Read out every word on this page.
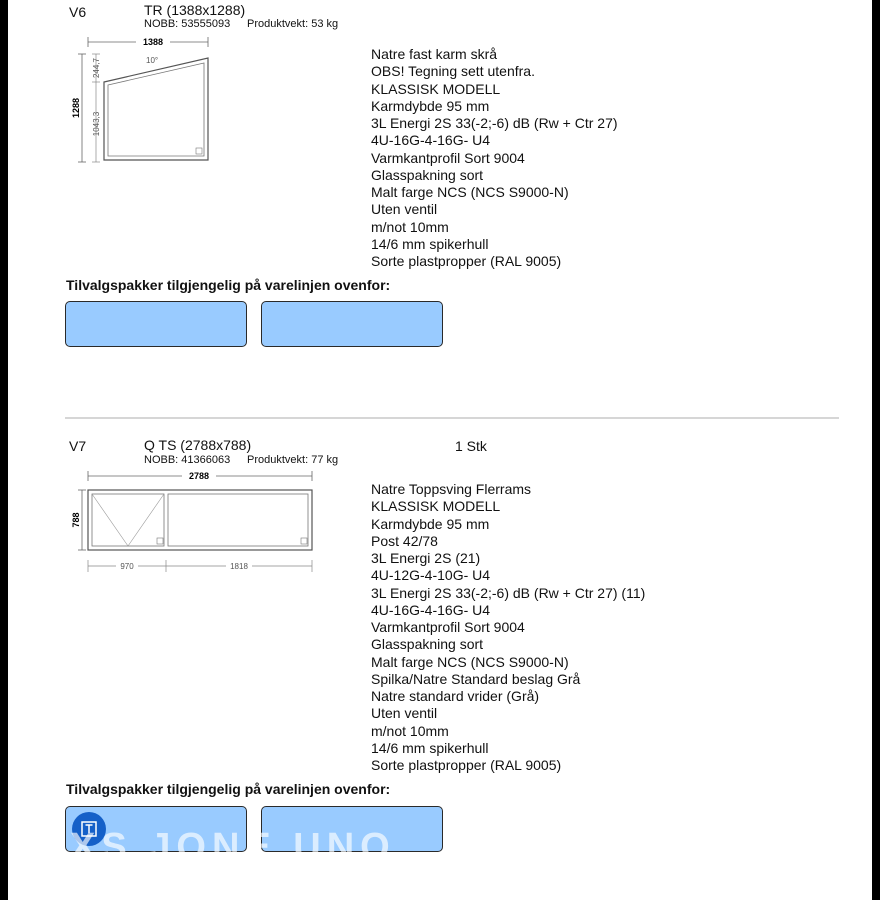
V6	TR (1388x1288)
NOBB: 53555093 Produktvekt: 53 kg
1388
1288
244,7
1043,3
10°	Natre fast karm skrå
OBS! Tegning sett utenfra.
KLASSISK MODELL
Karmdybde 95 mm
3L Energi 2S 33(-2;-6) dB (Rw + Ctr 27)
4U-16G-4-16G- U4
Varmkantprofil Sort 9004
Glasspakning sort
Malt farge NCS (NCS S9000-N)
Uten ventil
m/not 10mm
14/6 mm spikerhull
Sorte plastpropper (RAL 9005)
Tilvalgspakker tilgjengelig på varelinjen ovenfor:
V7	Q TS (2788x788)
NOBB: 41366063 Produktvekt: 77 kg
1 Stk
2788
788
970	1818
Natre Toppsving Flerrams
KLASSISK MODELL
Karmdybde 95 mm
Post 42/78
3L Energi 2S (21)
4U-12G-4-10G- U4
3L Energi 2S 33(-2;-6) dB (Rw + Ctr 27) (11)
4U-16G-4-16G- U4
Varmkantprofil Sort 9004
Glasspakning sort
Malt farge NCS (NCS S9000-N)
Spilka/Natre Standard beslag Grå
Natre standard vrider (Grå)
Uten ventil
m/not 10mm
14/6 mm spikerhull
Sorte plastpropper (RAL 9005)
Tilvalgspakker tilgjengelig på varelinjen ovenfor:
XS JONE UNO
